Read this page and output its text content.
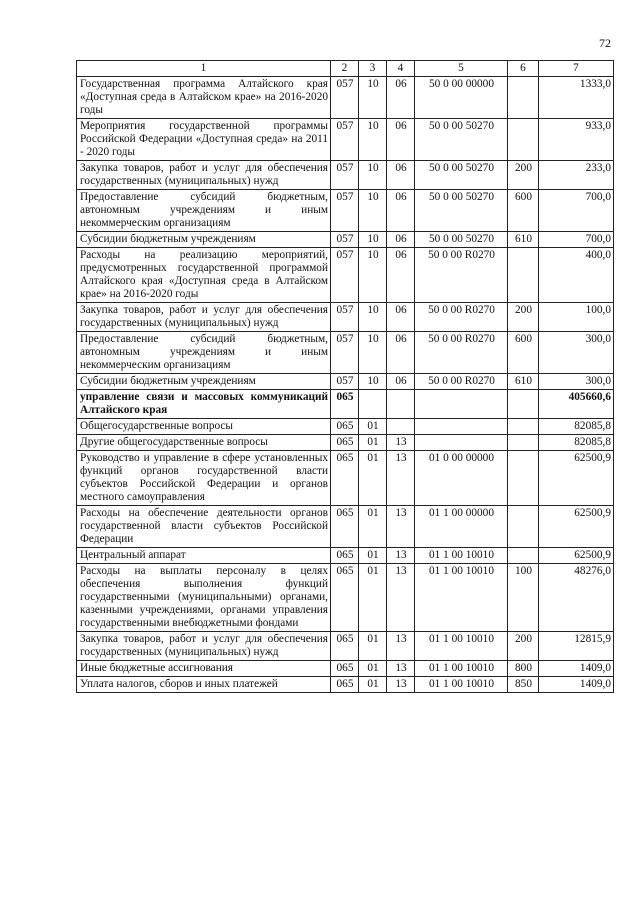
72
1	2	3	4	5	6	7
Государственная программа Алтайского края «Доступная среда в Алтайском крае» на 2016-2020 годы	057	10	06	50 0 00 00000		1333,0
Мероприятия государственной программы Российской Федерации «Доступная среда» на 2011 - 2020 годы	057	10	06	50 0 00 50270		933,0
Закупка товаров, работ и услуг для обеспечения государственных (муниципальных) нужд	057	10	06	50 0 00 50270	200	233,0
Предоставление субсидий бюджетным, автономным учреждениям и иным некоммерческим организациям	057	10	06	50 0 00 50270	600	700,0
Субсидии бюджетным учреждениям	057	10	06	50 0 00 50270	610	700,0
Расходы на реализацию мероприятий, предусмотренных государственной программой Алтайского края «Доступная среда в Алтайском крае» на 2016-2020 годы	057	10	06	50 0 00 R0270		400,0
Закупка товаров, работ и услуг для обеспечения государственных (муниципальных) нужд	057	10	06	50 0 00 R0270	200	100,0
Предоставление субсидий бюджетным, автономным учреждениям и иным некоммерческим организациям	057	10	06	50 0 00 R0270	600	300,0
Субсидии бюджетным учреждениям	057	10	06	50 0 00 R0270	610	300,0
управление связи и массовых коммуникаций Алтайского края	065					405660,6
Общегосударственные вопросы	065	01				82085,8
Другие общегосударственные вопросы	065	01	13			82085,8
Руководство и управление в сфере установленных функций органов государственной власти субъектов Российской Федерации и органов местного самоуправления	065	01	13	01 0 00 00000		62500,9
Расходы на обеспечение деятельности органов государственной власти субъектов Российской Федерации	065	01	13	01 1 00 00000		62500,9
Центральный аппарат	065	01	13	01 1 00 10010		62500,9
Расходы на выплаты персоналу в целях обеспечения выполнения функций государственными (муниципальными) органами, казенными учреждениями, органами управления государственными внебюджетными фондами	065	01	13	01 1 00 10010	100	48276,0
Закупка товаров, работ и услуг для обеспечения государственных (муниципальных) нужд	065	01	13	01 1 00 10010	200	12815,9
Иные бюджетные ассигнования	065	01	13	01 1 00 10010	800	1409,0
Уплата налогов, сборов и иных платежей	065	01	13	01 1 00 10010	850	1409,0
